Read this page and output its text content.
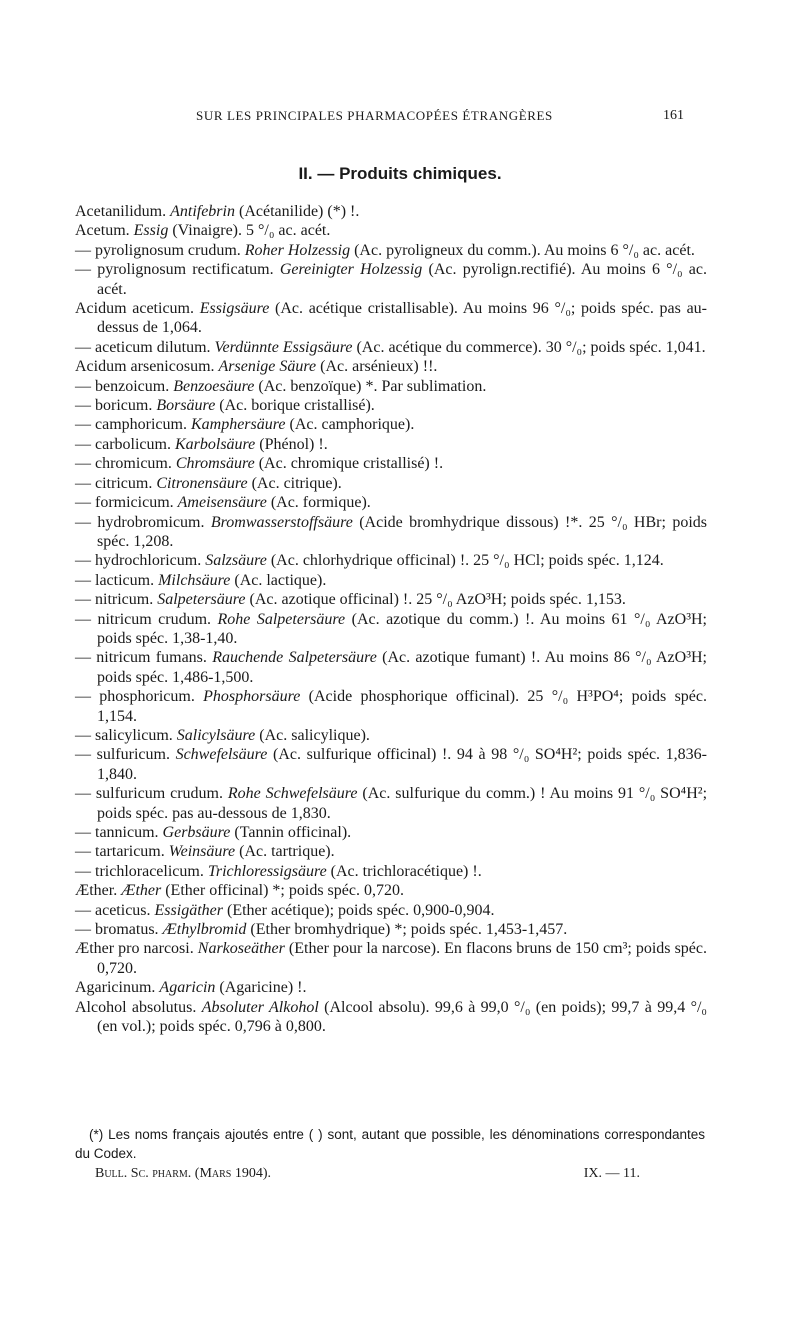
SUR LES PRINCIPALES PHARMACOPÉES ÉTRANGÈRES	161
II. — Produits chimiques.

Acetanilidum. Antifebrin (Acétanilide) (*) !.

Acetum. Essig (Vinaigre). 5 °/₀ ac. acét.

— pyrolignosum crudum. Roher Holzessig (Ac. pyroligneux du comm.). Au moins 6 °/₀ ac. acét.

— pyrolignosum rectificatum. Gereinigter Holzessig (Ac. pyrolign.rectifié). Au moins 6 °/₀ ac. acét.

Acidum aceticum. Essigsäure (Ac. acétique cristallisable). Au moins 96 °/₀; poids spéc. pas au-dessus de 1,064.

— aceticum dilutum. Verdünnte Essigsäure (Ac. acétique du commerce). 30 °/₀; poids spéc. 1,041.

Acidum arsenicosum. Arsenige Säure (Ac. arsénieux) !!.

— benzoicum. Benzoesäure (Ac. benzoïque) *. Par sublimation.

— boricum. Borsäure (Ac. borique cristallisé).

— camphoricum. Kamphersäure (Ac. camphorique).

— carbolicum. Karbolsäure (Phénol) !.

— chromicum. Chromsäure (Ac. chromique cristallisé) !.

— citricum. Citronensäure (Ac. citrique).

— formicicum. Ameisensäure (Ac. formique).

— hydrobromicum. Bromwasserstoffsäure (Acide bromhydrique dissous) !*. 25 °/₀ HBr; poids spéc. 1,208.

— hydrochloricum. Salzsäure (Ac. chlorhydrique officinal) !. 25 °/₀ HCl; poids spéc. 1,124.

— lacticum. Milchsäure (Ac. lactique).

— nitricum. Salpetersäure (Ac. azotique officinal) !. 25 °/₀ AzO³H; poids spéc. 1,153.

— nitricum crudum. Rohe Salpetersäure (Ac. azotique du comm.) !. Au moins 61 °/₀ AzO³H; poids spéc. 1,38-1,40.

— nitricum fumans. Rauchende Salpetersäure (Ac. azotique fumant) !. Au moins 86 °/₀ AzO³H; poids spéc. 1,486-1,500.

— phosphoricum. Phosphorsäure (Acide phosphorique officinal). 25 °/₀ H³PO⁴; poids spéc. 1,154.

— salicylicum. Salicylsäure (Ac. salicylique).

— sulfuricum. Schwefelsäure (Ac. sulfurique officinal) !. 94 à 98 °/₀ SO⁴H²; poids spéc. 1,836-1,840.

— sulfuricum crudum. Rohe Schwefelsäure (Ac. sulfurique du comm.) ! Au moins 91 °/₀ SO⁴H²; poids spéc. pas au-dessous de 1,830.

— tannicum. Gerbsäure (Tannin officinal).

— tartaricum. Weinsäure (Ac. tartrique).

— trichloracelicum. Trichloressigsäure (Ac. trichloracétique) !.

Æther. Æther (Ether officinal) *; poids spéc. 0,720.

— aceticus. Essigäther (Ether acétique); poids spéc. 0,900-0,904.

— bromatus. Æthylbromid (Ether bromhydrique) *; poids spéc. 1,453-1,457.

Æther pro narcosi. Narkoseäther (Ether pour la narcose). En flacons bruns de 150 cm³; poids spéc. 0,720.

Agaricinum. Agaricin (Agaricine) !.

Alcohol absolutus. Absoluter Alkohol (Alcool absolu). 99,6 à 99,0 °/₀ (en poids); 99,7 à 99,4 °/₀ (en vol.); poids spéc. 0,796 à 0,800.

(*) Les noms français ajoutés entre ( ) sont, autant que possible, les dénominations correspondantes du Codex.

Bull. Sc. pharm. (Mars 1904).	IX. — 11.
